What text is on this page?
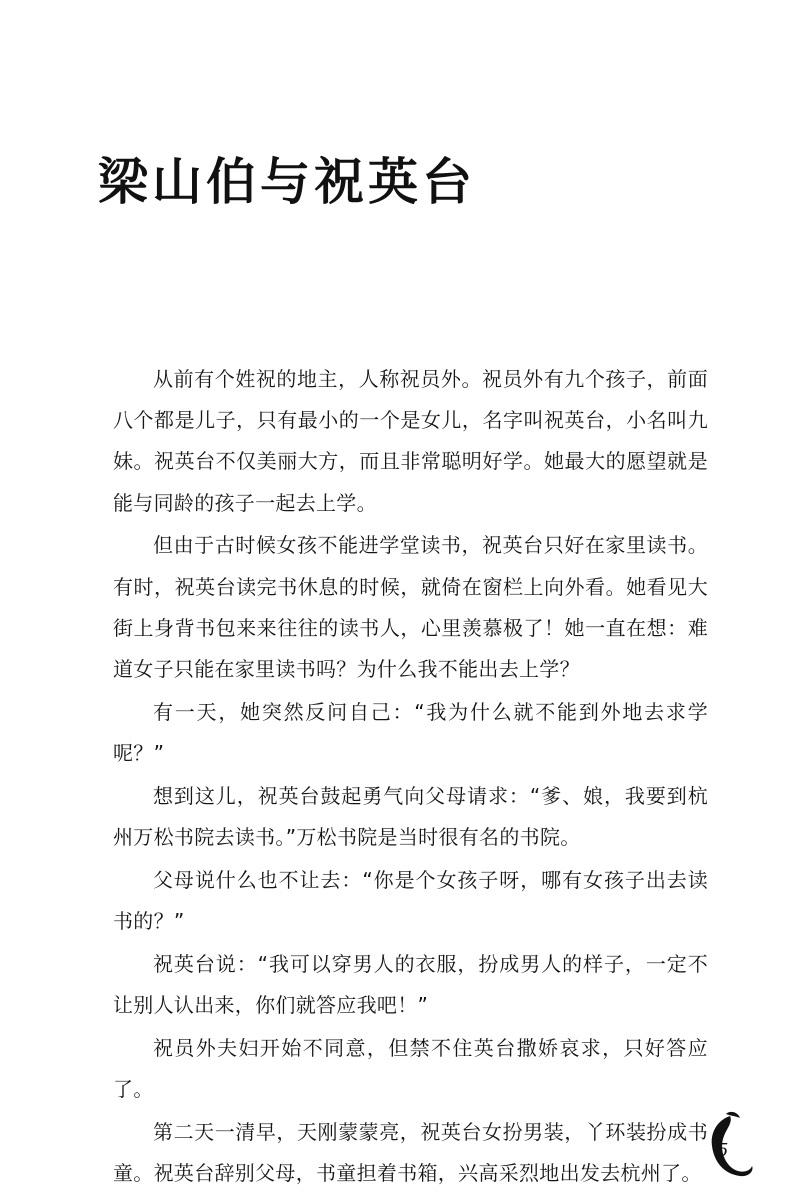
梁山伯与祝英台

从前有个姓祝的地主，人称祝员外。祝员外有九个孩子，前面八个都是儿子，只有最小的一个是女儿，名字叫祝英台，小名叫九妹。祝英台不仅美丽大方，而且非常聪明好学。她最大的愿望就是能与同龄的孩子一起去上学。

但由于古时候女孩不能进学堂读书，祝英台只好在家里读书。有时，祝英台读完书休息的时候，就倚在窗栏上向外看。她看见大街上身背书包来来往往的读书人，心里羡慕极了！她一直在想：难道女子只能在家里读书吗？为什么我不能出去上学？

有一天，她突然反问自己：“我为什么就不能到外地去求学呢？”

想到这儿，祝英台鼓起勇气向父母请求：“爹、娘，我要到杭州万松书院去读书。”万松书院是当时很有名的书院。

父母说什么也不让去：“你是个女孩子呀，哪有女孩子出去读书的？”

祝英台说：“我可以穿男人的衣服，扮成男人的样子，一定不让别人认出来，你们就答应我吧！”

祝员外夫妇开始不同意，但禁不住英台撒娇哀求，只好答应了。

第二天一清早，天刚蒙蒙亮，祝英台女扮男装，丫环装扮成书童。祝英台辞别父母，书童担着书箱，兴高采烈地出发去杭州了。

5
